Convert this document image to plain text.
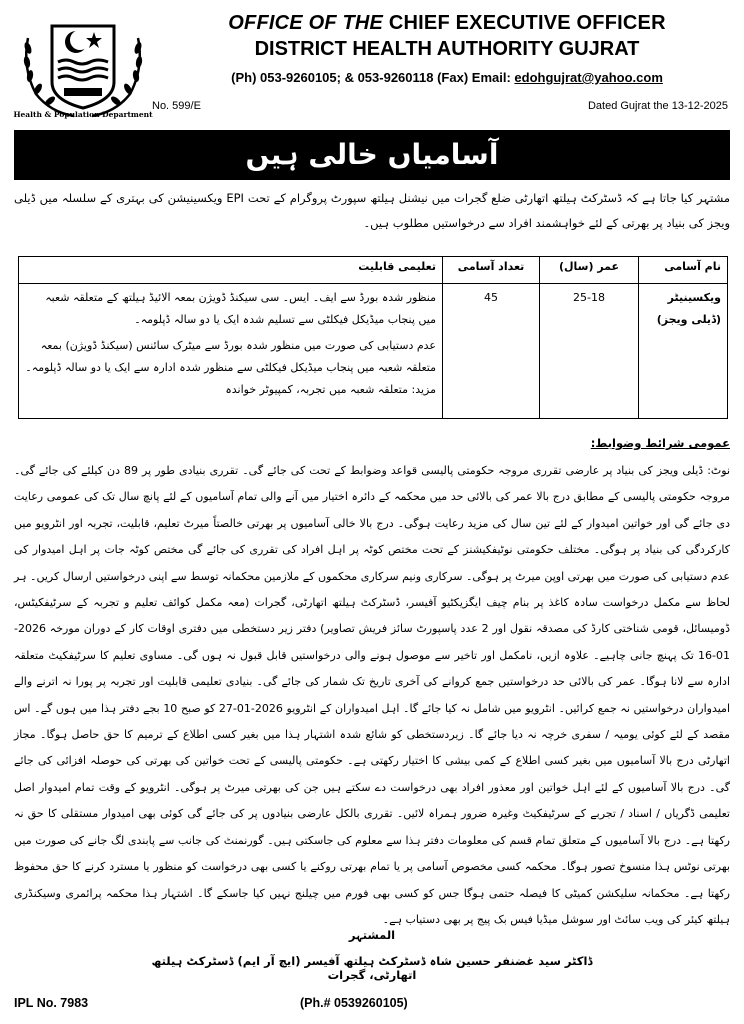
Health & Population Department
OFFICE OF THE CHIEF EXECUTIVE OFFICER
DISTRICT HEALTH AUTHORITY GUJRAT
(Ph) 053-9260105; & 053-9260118 (Fax) Email: edohgujrat@yahoo.com
No. 599/E	Dated Gujrat the 13-12-2025
آسامیاں خالی ہیں
مشتہر کیا جاتا ہے کہ ڈسٹرکٹ ہیلتھ اتھارٹی ضلع گجرات میں نیشنل ہیلتھ سپورٹ پروگرام کے تحت EPI ویکسینیشن کی بہتری کے سلسلہ میں ڈیلی ویجز کی بنیاد پر بھرتی کے لئے خواہشمند افراد سے درخواستیں مطلوب ہیں۔
نام آسامی	عمر (سال)	تعداد آسامی	تعلیمی قابلیت
ویکسینیٹر (ڈیلی ویجز)	25-18	45	منظور شدہ بورڈ سے ایف۔ ایس۔ سی سیکنڈ ڈویژن بمعہ الائیڈ ہیلتھ کے متعلقہ شعبہ میں پنجاب میڈیکل فیکلٹی سے تسلیم شدہ ایک یا دو سالہ ڈپلومہ۔
عدم دستیابی کی صورت میں منظور شدہ بورڈ سے میٹرک سائنس (سیکنڈ ڈویژن) بمعہ متعلقہ شعبہ میں پنجاب میڈیکل فیکلٹی سے منظور شدہ ادارہ سے ایک یا دو سالہ ڈپلومہ۔ مزید: متعلقہ شعبہ میں تجربہ، کمپیوٹر خواندہ
عمومی شرائط وضوابط:
نوٹ: ڈیلی ویجز کی بنیاد پر عارضی تقرری مروجہ حکومتی پالیسی قواعد وضوابط کے تحت کی جائے گی۔ تقرری بنیادی طور پر 89 دن کیلئے کی جائے گی۔ مروجہ حکومتی پالیسی کے مطابق درج بالا عمر کی بالائی حد میں محکمہ کے دائرہ اختیار میں آنے والی تمام آسامیوں کے لئے پانچ سال تک کی عمومی رعایت دی جائے گی اور خواتین امیدوار کے لئے تین سال کی مزید رعایت ہوگی۔ درج بالا خالی آسامیوں پر بھرتی خالصتاً میرٹ تعلیم، قابلیت، تجربہ اور انٹرویو میں کارکردگی کی بنیاد پر ہوگی۔ مختلف حکومتی نوٹیفکیشنز کے تحت مختص کوٹہ پر اہل افراد کی تقرری کی جائے گی مختص کوٹہ جات پر اہل امیدوار کی عدم دستیابی کی صورت میں بھرتی اوپن میرٹ پر ہوگی۔ سرکاری ونیم سرکاری محکموں کے ملازمین محکمانہ توسط سے اپنی درخواستیں ارسال کریں۔ ہر لحاظ سے مکمل درخواست سادہ کاغذ پر بنام چیف ایگزیکٹیو آفیسر، ڈسٹرکٹ ہیلتھ اتھارٹی، گجرات (معہ مکمل کوائف تعلیم و تجربہ کے سرٹیفکیٹس، ڈومیسائل، قومی شناختی کارڈ کی مصدقہ نقول اور 2 عدد پاسپورٹ سائز فریش تصاویر) دفتر زیر دستخطی میں دفتری اوقات کار کے دوران مورخہ 2026-01-16 تک پہنچ جانی چاہیے۔ علاوہ ازیں، نامکمل اور تاخیر سے موصول ہونے والی درخواستیں قابل قبول نہ ہوں گی۔ مساوی تعلیم کا سرٹیفکیٹ متعلقہ ادارہ سے لانا ہوگا۔ عمر کی بالائی حد درخواستیں جمع کروانے کی آخری تاریخ تک شمار کی جائے گی۔ بنیادی تعلیمی قابلیت اور تجربہ پر پورا نہ اترنے والے امیدواران درخواستیں نہ جمع کرائیں۔ انٹرویو میں شامل نہ کیا جائے گا۔ اہل امیدواران کے انٹرویو 2026-01-27 کو صبح 10 بجے دفتر ہذا میں ہوں گے۔ اس مقصد کے لئے کوئی یومیہ / سفری خرچہ نہ دیا جائے گا۔ زیردستخطی کو شائع شدہ اشتہار ہذا میں بغیر کسی اطلاع کے ترمیم کا حق حاصل ہوگا۔ مجاز اتھارٹی درج بالا آسامیوں میں بغیر کسی اطلاع کے کمی بیشی کا اختیار رکھتی ہے۔ حکومتی پالیسی کے تحت خواتین کی بھرتی کی حوصلہ افزائی کی جائے گی۔ درج بالا آسامیوں کے لئے اہل خواتین اور معذور افراد بھی درخواست دے سکتے ہیں جن کی بھرتی میرٹ پر ہوگی۔ انٹرویو کے وقت تمام امیدوار اصل تعلیمی ڈگریاں / اسناد / تجربے کے سرٹیفکیٹ وغیرہ ضرور ہمراہ لائیں۔ تقرری بالکل عارضی بنیادوں پر کی جائے گی کوئی بھی امیدوار مستقلی کا حق نہ رکھتا ہے۔ درج بالا آسامیوں کے متعلق تمام قسم کی معلومات دفتر ہذا سے معلوم کی جاسکتی ہیں۔ گورنمنٹ کی جانب سے پابندی لگ جانے کی صورت میں بھرتی نوٹس ہذا منسوخ تصور ہوگا۔ محکمہ کسی مخصوص آسامی پر یا تمام بھرتی روکنے یا کسی بھی درخواست کو منظور یا مسترد کرنے کا حق محفوظ رکھتا ہے۔ محکمانہ سلیکشن کمیٹی کا فیصلہ حتمی ہوگا جس کو کسی بھی فورم میں چیلنج نہیں کیا جاسکے گا۔ اشتہار ہذا محکمہ پرائمری وسیکنڈری ہیلتھ کیئر کی ویب سائٹ اور سوشل میڈیا فیس بک پیج پر بھی دستیاب ہے۔
المشتہر
ڈاکٹر سید غضنفر حسین شاہ ڈسٹرکٹ ہیلتھ آفیسر (ایچ آر ایم) ڈسٹرکٹ ہیلتھ اتھارٹی، گجرات
IPL No. 7983	(Ph.# 0539260105)
